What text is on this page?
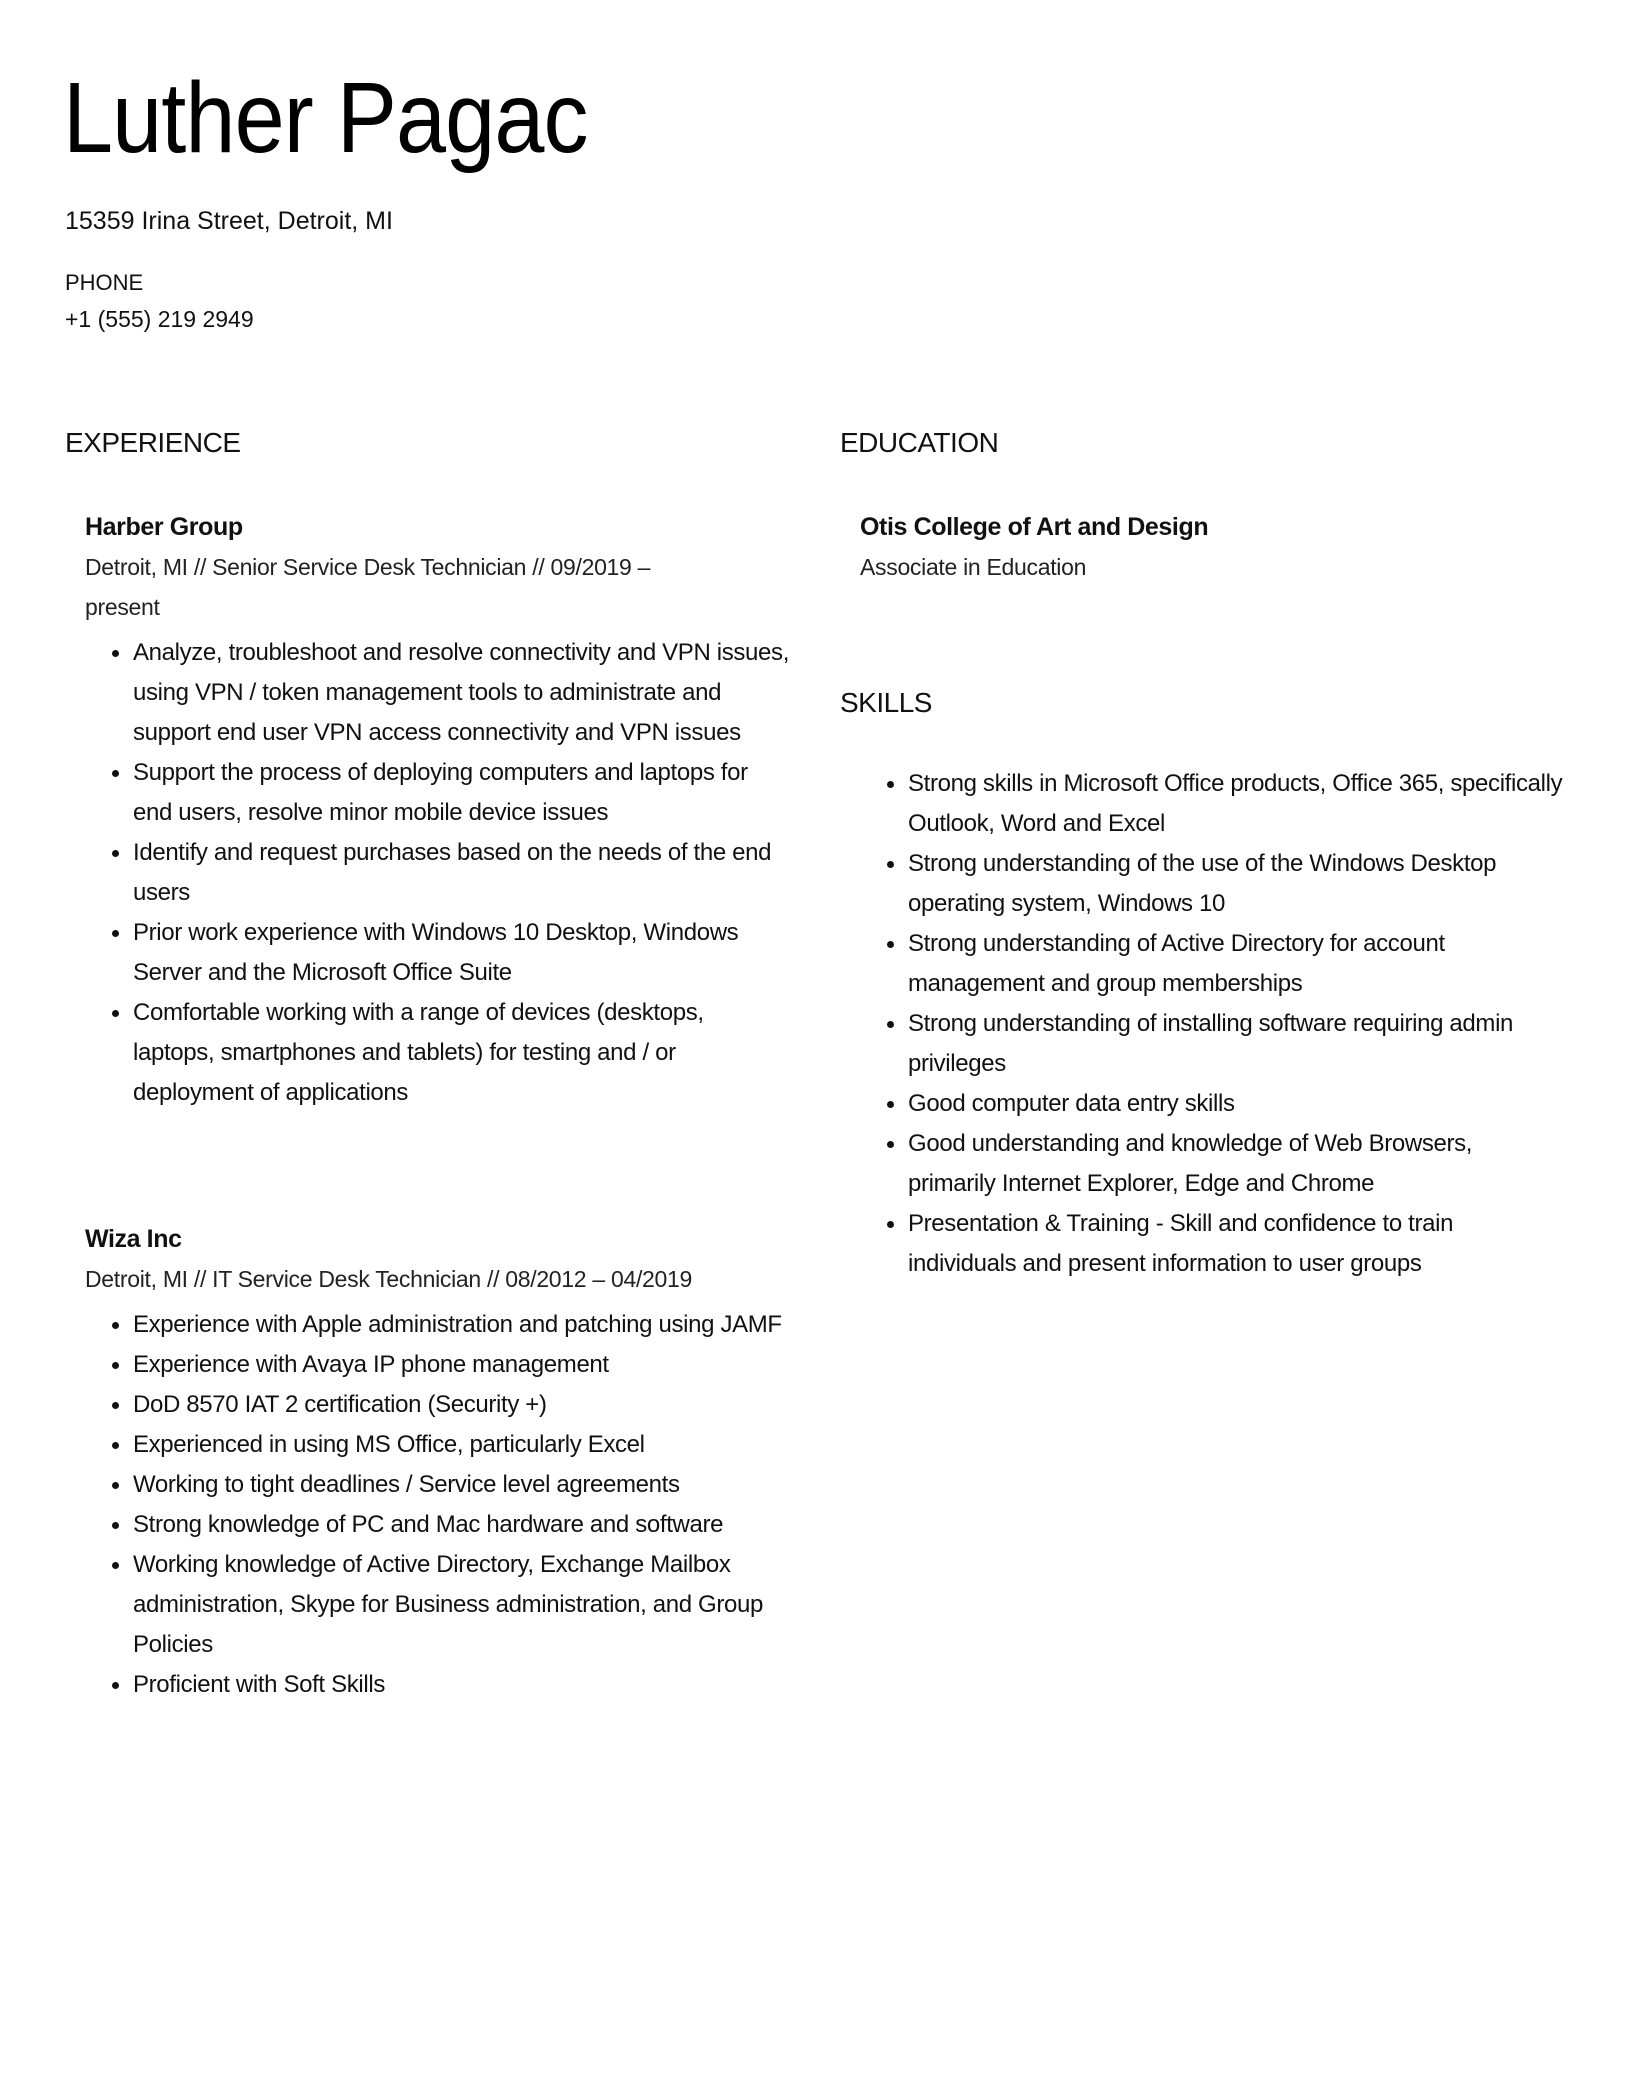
Luther Pagac
15359 Irina Street, Detroit, MI
PHONE
+1 (555) 219 2949
EXPERIENCE
Harber Group
Detroit, MI // Senior Service Desk Technician // 09/2019 – present
Analyze, troubleshoot and resolve connectivity and VPN issues, using VPN / token management tools to administrate and support end user VPN access connectivity and VPN issues
Support the process of deploying computers and laptops for end users, resolve minor mobile device issues
Identify and request purchases based on the needs of the end users
Prior work experience with Windows 10 Desktop, Windows Server and the Microsoft Office Suite
Comfortable working with a range of devices (desktops, laptops, smartphones and tablets) for testing and / or deployment of applications
Wiza Inc
Detroit, MI // IT Service Desk Technician // 08/2012 – 04/2019
Experience with Apple administration and patching using JAMF
Experience with Avaya IP phone management
DoD 8570 IAT 2 certification (Security +)
Experienced in using MS Office, particularly Excel
Working to tight deadlines / Service level agreements
Strong knowledge of PC and Mac hardware and software
Working knowledge of Active Directory, Exchange Mailbox administration, Skype for Business administration, and Group Policies
Proficient with Soft Skills
EDUCATION
Otis College of Art and Design
Associate in Education
SKILLS
Strong skills in Microsoft Office products, Office 365, specifically Outlook, Word and Excel
Strong understanding of the use of the Windows Desktop operating system, Windows 10
Strong understanding of Active Directory for account management and group memberships
Strong understanding of installing software requiring admin privileges
Good computer data entry skills
Good understanding and knowledge of Web Browsers, primarily Internet Explorer, Edge and Chrome
Presentation & Training - Skill and confidence to train individuals and present information to user groups
